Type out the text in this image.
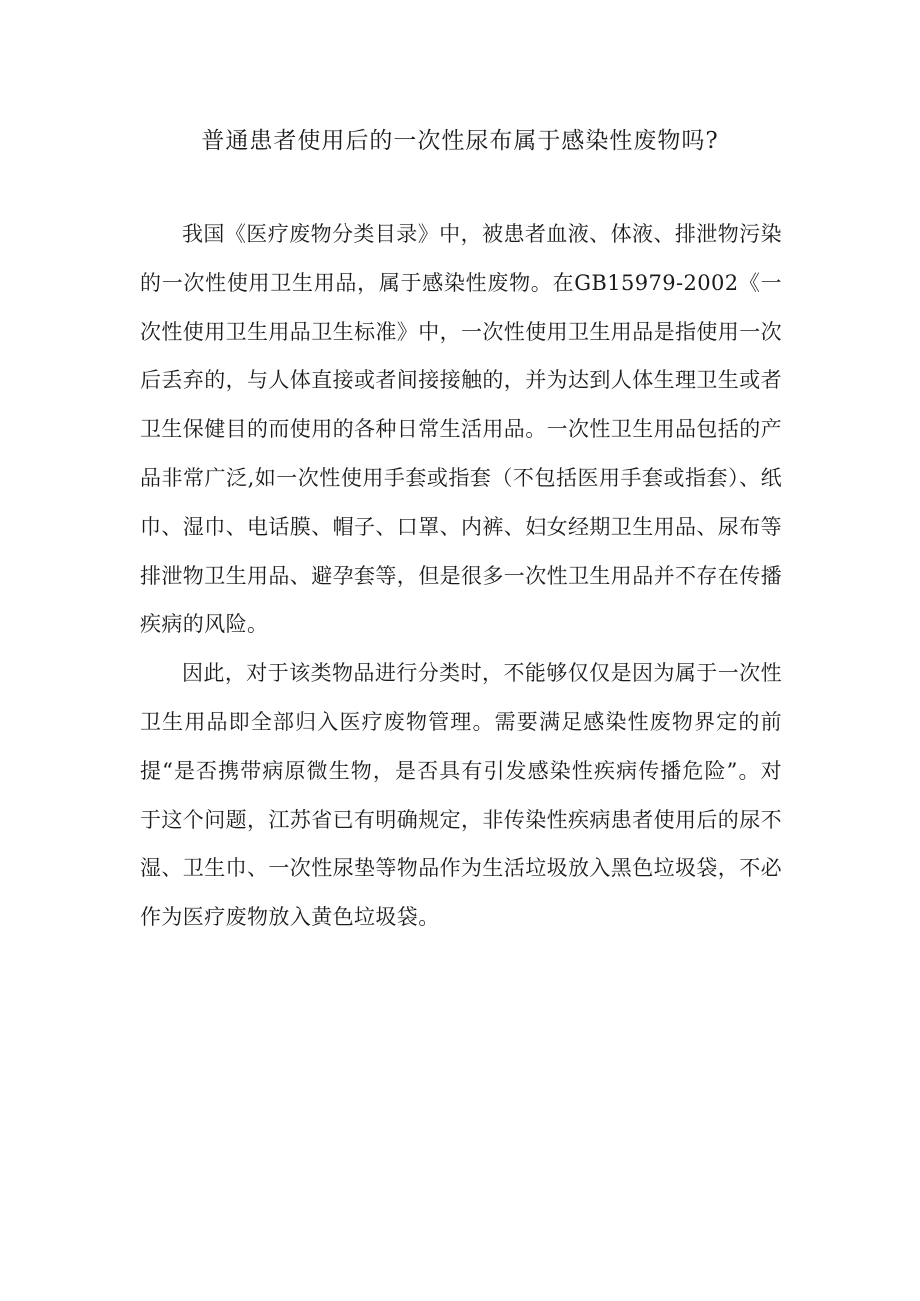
普通患者使用后的一次性尿布属于感染性废物吗?

我国《医疗废物分类目录》中，被患者血液、体液、排泄物污染的一次性使用卫生用品，属于感染性废物。在GB15979-2002《一次性使用卫生用品卫生标准》中，一次性使用卫生用品是指使用一次后丢弃的，与人体直接或者间接接触的，并为达到人体生理卫生或者卫生保健目的而使用的各种日常生活用品。一次性卫生用品包括的产品非常广泛,如一次性使用手套或指套（不包括医用手套或指套）、纸巾、湿巾、电话膜、帽子、口罩、内裤、妇女经期卫生用品、尿布等排泄物卫生用品、避孕套等，但是很多一次性卫生用品并不存在传播疾病的风险。

因此，对于该类物品进行分类时，不能够仅仅是因为属于一次性卫生用品即全部归入医疗废物管理。需要满足感染性废物界定的前提“是否携带病原微生物，是否具有引发感染性疾病传播危险”。对于这个问题，江苏省已有明确规定，非传染性疾病患者使用后的尿不湿、卫生巾、一次性尿垫等物品作为生活垃圾放入黑色垃圾袋，不必作为医疗废物放入黄色垃圾袋。
